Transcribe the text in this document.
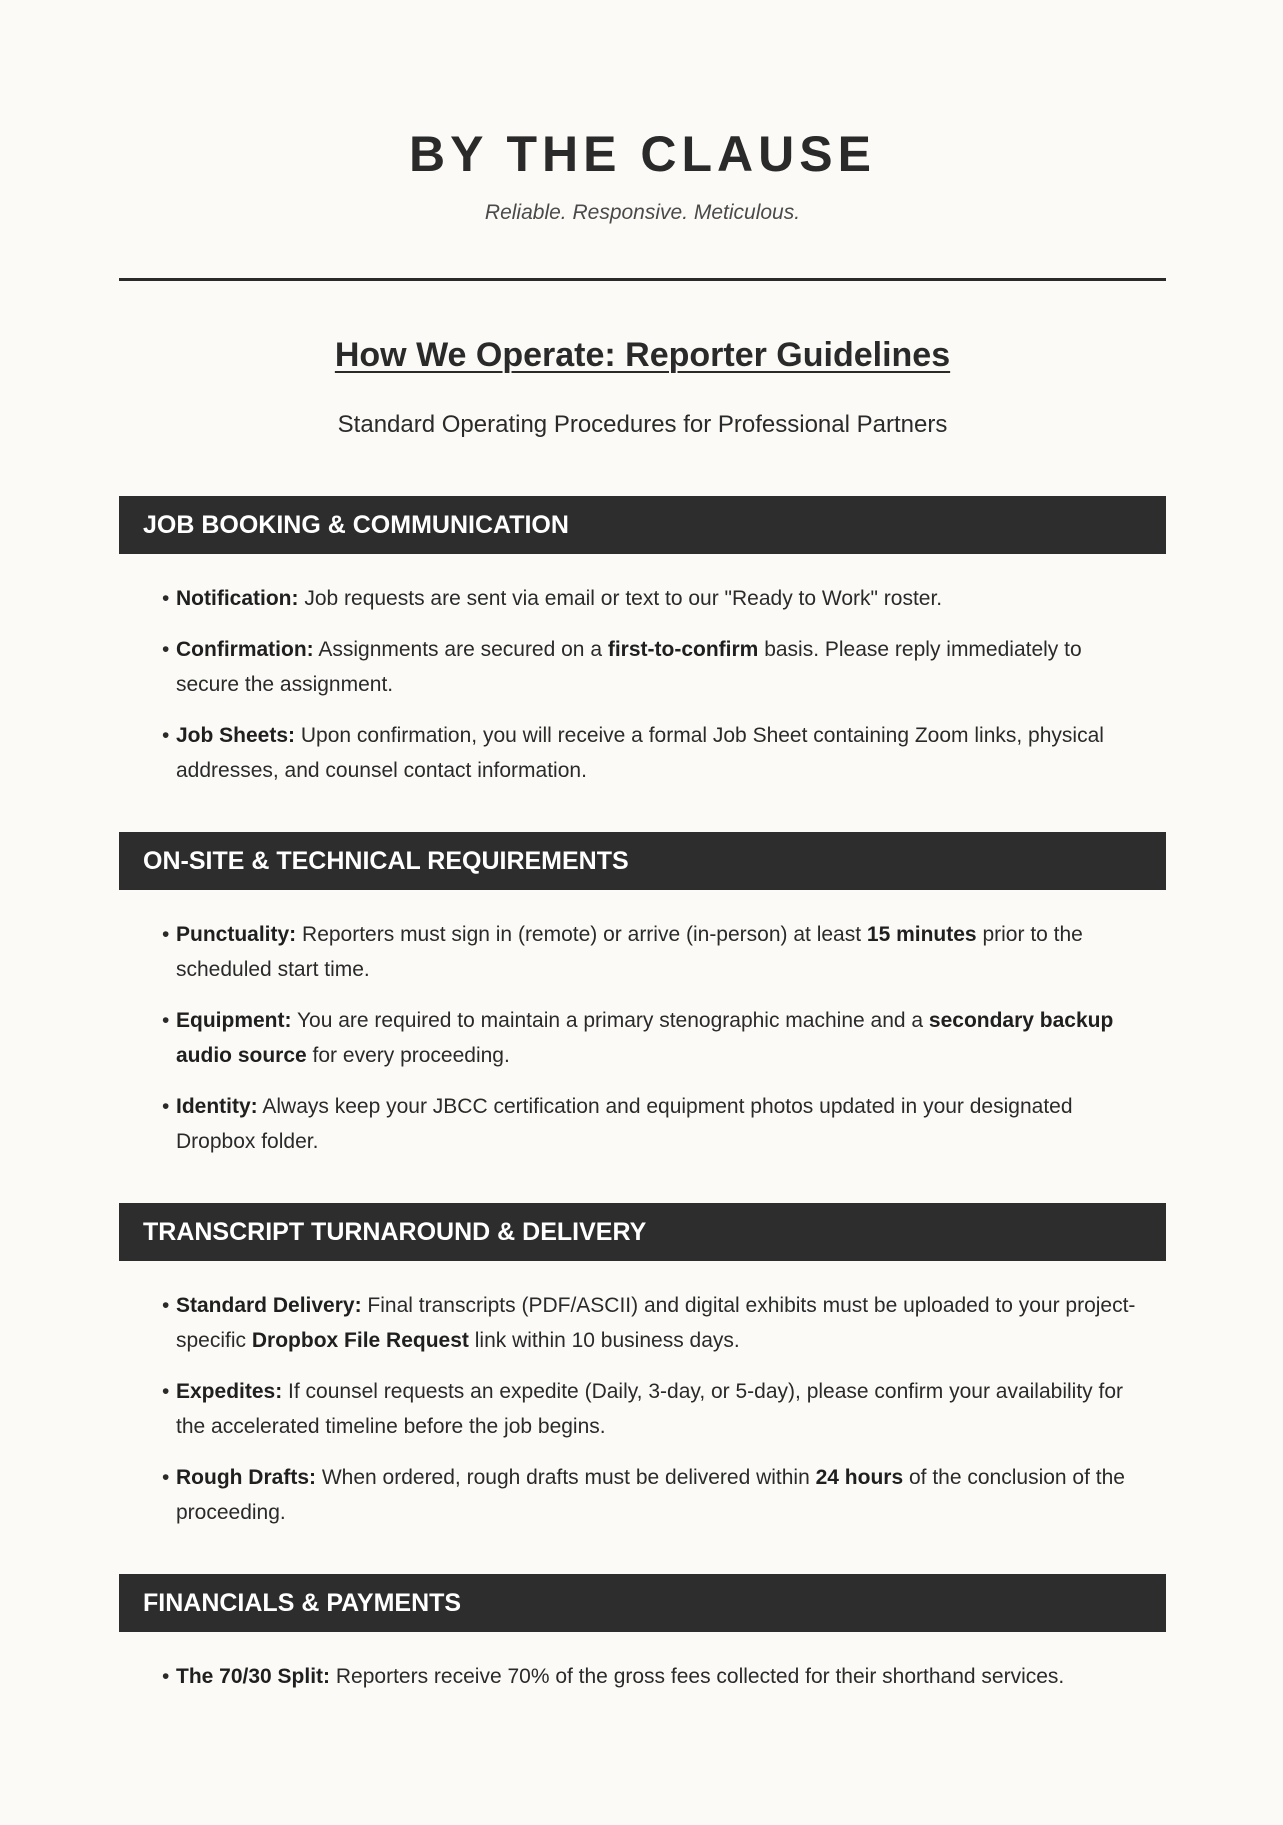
BY THE CLAUSE
Reliable. Responsive. Meticulous.
How We Operate: Reporter Guidelines
Standard Operating Procedures for Professional Partners
JOB BOOKING & COMMUNICATION
• Notification: Job requests are sent via email or text to our "Ready to Work" roster.
• Confirmation: Assignments are secured on a first-to-confirm basis. Please reply immediately to secure the assignment.
• Job Sheets: Upon confirmation, you will receive a formal Job Sheet containing Zoom links, physical addresses, and counsel contact information.
ON-SITE & TECHNICAL REQUIREMENTS
• Punctuality: Reporters must sign in (remote) or arrive (in-person) at least 15 minutes prior to the scheduled start time.
• Equipment: You are required to maintain a primary stenographic machine and a secondary backup audio source for every proceeding.
• Identity: Always keep your JBCC certification and equipment photos updated in your designated Dropbox folder.
TRANSCRIPT TURNAROUND & DELIVERY
• Standard Delivery: Final transcripts (PDF/ASCII) and digital exhibits must be uploaded to your project-specific Dropbox File Request link within 10 business days.
• Expedites: If counsel requests an expedite (Daily, 3-day, or 5-day), please confirm your availability for the accelerated timeline before the job begins.
• Rough Drafts: When ordered, rough drafts must be delivered within 24 hours of the conclusion of the proceeding.
FINANCIALS & PAYMENTS
• The 70/30 Split: Reporters receive 70% of the gross fees collected for their shorthand services.
